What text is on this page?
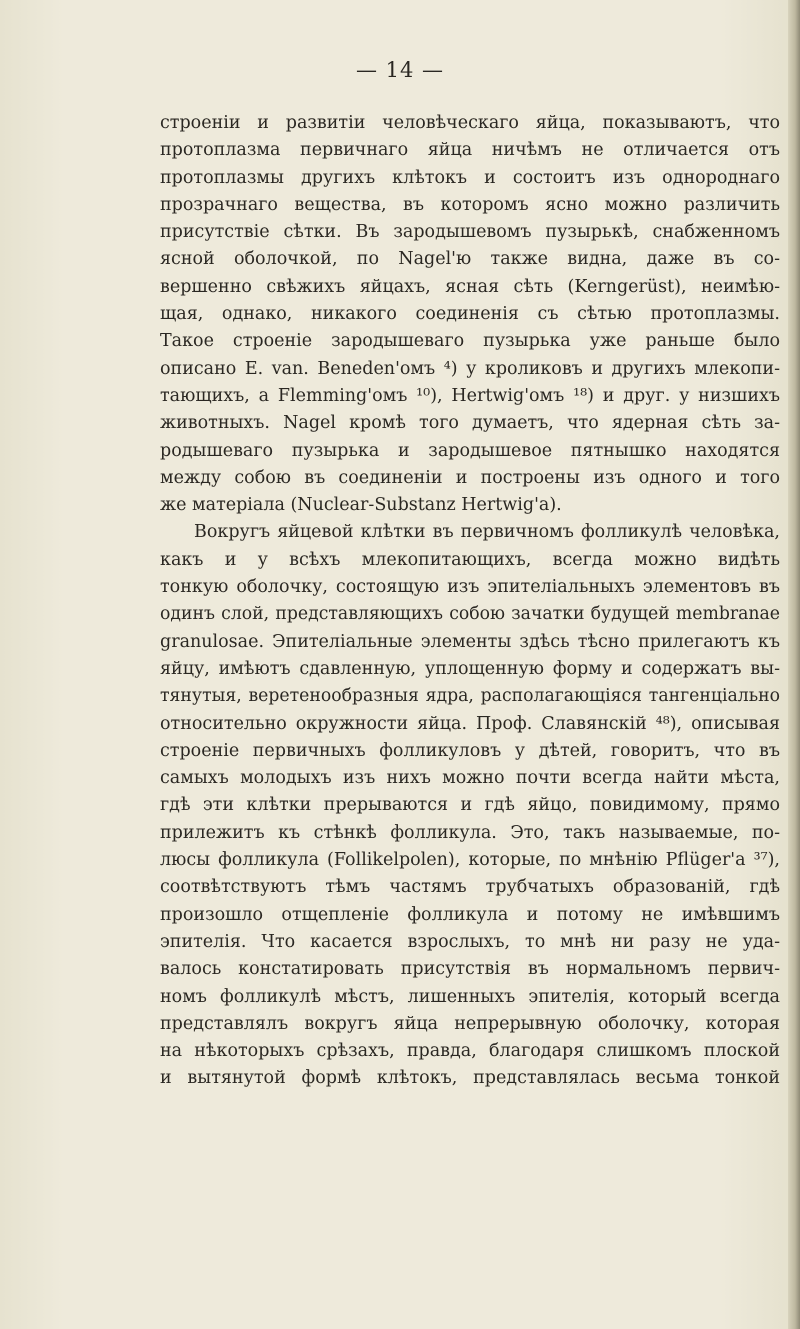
— 14 —
строенiи и развитiи человѣческаго яйца, показываютъ, что
протоплазма первичнаго яйца ничѣмъ не отличается отъ
протоплазмы другихъ клѣтокъ и состоитъ изъ однороднаго
прозрачнаго вещества, въ которомъ ясно можно различить
присутствiе сѣтки. Въ зародышевомъ пузырькѣ, снабженномъ
ясной оболочкой, по Nagel'ю также видна, даже въ со-
вершенно свѣжихъ яйцахъ, ясная сѣть (Kerngerüst), неимѣю-
щая, однако, никакого соединенiя съ сѣтью протоплазмы.
Такое строенiе зародышеваго пузырька уже раньше было
описано E. van. Beneden'омъ ⁴) у кроликовъ и другихъ млекопи-
тающихъ, а Flemming'омъ ¹⁰), Hertwig'омъ ¹⁸) и друг. у низшихъ
животныхъ. Nagel кромѣ того думаетъ, что ядерная сѣть за-
родышеваго пузырька и зародышевое пятнышко находятся
между собою въ соединенiи и построены изъ одного и того
же матерiала (Nuclear-Substanz Hertwig'а).
Вокругъ яйцевой клѣтки въ первичномъ фолликулѣ человѣка,
какъ и у всѣхъ млекопитающихъ, всегда можно видѣть
тонкую оболочку, состоящую изъ эпителiальныхъ элементовъ въ
одинъ слой, представляющихъ собою зачатки будущей membranae
granulosae. Эпителiальные элементы здѣсь тѣсно прилегаютъ къ
яйцу, имѣютъ сдавленную, уплощенную форму и содержатъ вы-
тянутыя, веретенообразныя ядра, располагающiяся тангенцiально
относительно окружности яйца. Проф. Славянскiй ⁴⁸), описывая
строенiе первичныхъ фолликуловъ у дѣтей, говоритъ, что въ
самыхъ молодыхъ изъ нихъ можно почти всегда найти мѣста,
гдѣ эти клѣтки прерываются и гдѣ яйцо, повидимому, прямо
прилежитъ къ стѣнкѣ фолликула. Это, такъ называемые, по-
люсы фолликула (Follikelpolen), которые, по мнѣнiю Pflüger'а ³⁷),
соотвѣтствуютъ тѣмъ частямъ трубчатыхъ образованiй, гдѣ
произошло отщепленiе фолликула и потому не имѣвшимъ
эпителiя. Что касается взрослыхъ, то мнѣ ни разу не уда-
валось констатировать присутствiя въ нормальномъ первич-
номъ фолликулѣ мѣстъ, лишенныхъ эпителiя, который всегда
представлялъ вокругъ яйца непрерывную оболочку, которая
на нѣкоторыхъ срѣзахъ, правда, благодаря слишкомъ плоской
и вытянутой формѣ клѣтокъ, представлялась весьма тонкой
